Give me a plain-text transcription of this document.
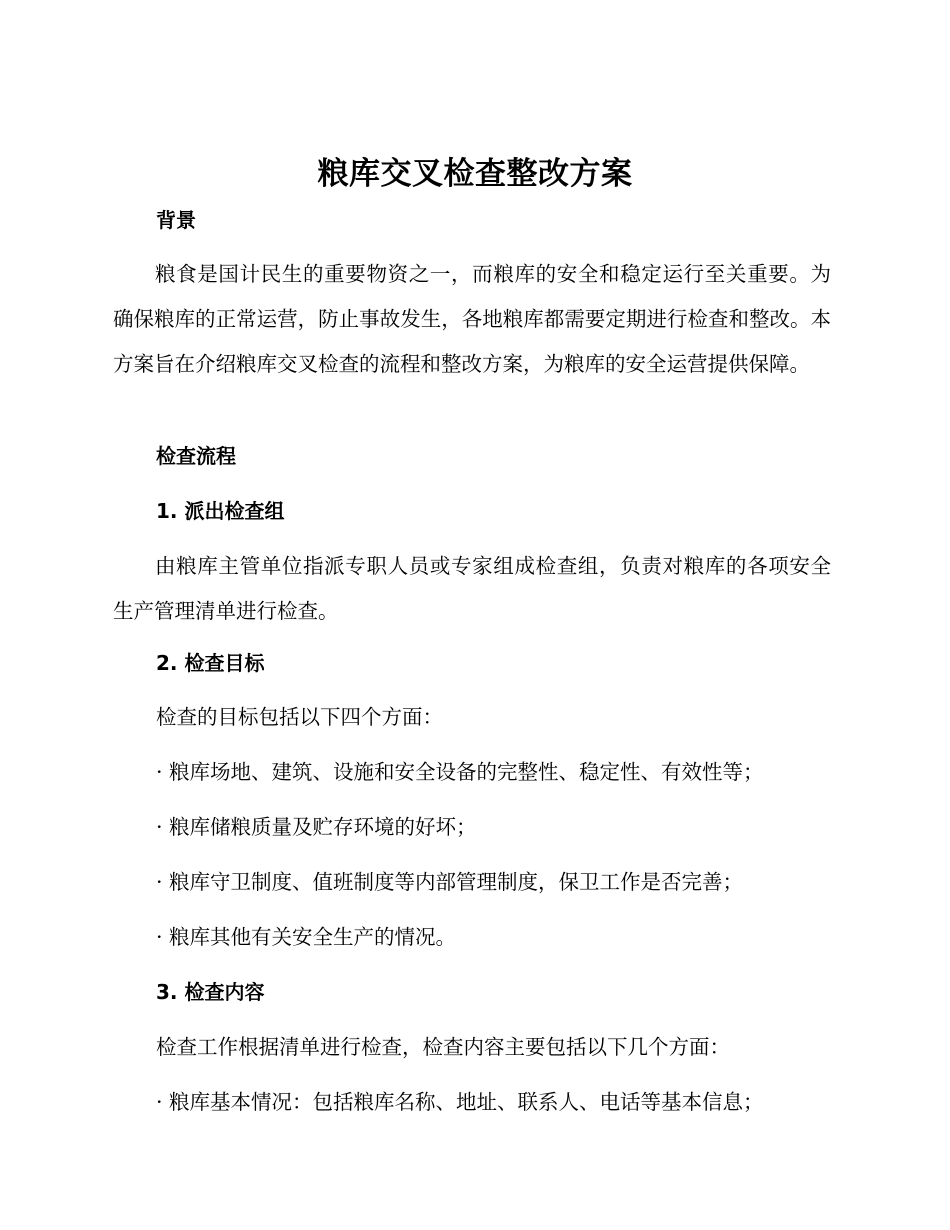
粮库交叉检查整改方案
背景
粮食是国计民生的重要物资之一，而粮库的安全和稳定运行至关重要。为确保粮库的正常运营，防止事故发生，各地粮库都需要定期进行检查和整改。本方案旨在介绍粮库交叉检查的流程和整改方案，为粮库的安全运营提供保障。
检查流程
1. 派出检查组
由粮库主管单位指派专职人员或专家组成检查组，负责对粮库的各项安全生产管理清单进行检查。
2. 检查目标
检查的目标包括以下四个方面：
· 粮库场地、建筑、设施和安全设备的完整性、稳定性、有效性等；
· 粮库储粮质量及贮存环境的好坏；
· 粮库守卫制度、值班制度等内部管理制度，保卫工作是否完善；
· 粮库其他有关安全生产的情况。
3. 检查内容
检查工作根据清单进行检查，检查内容主要包括以下几个方面：
· 粮库基本情况：包括粮库名称、地址、联系人、电话等基本信息；
